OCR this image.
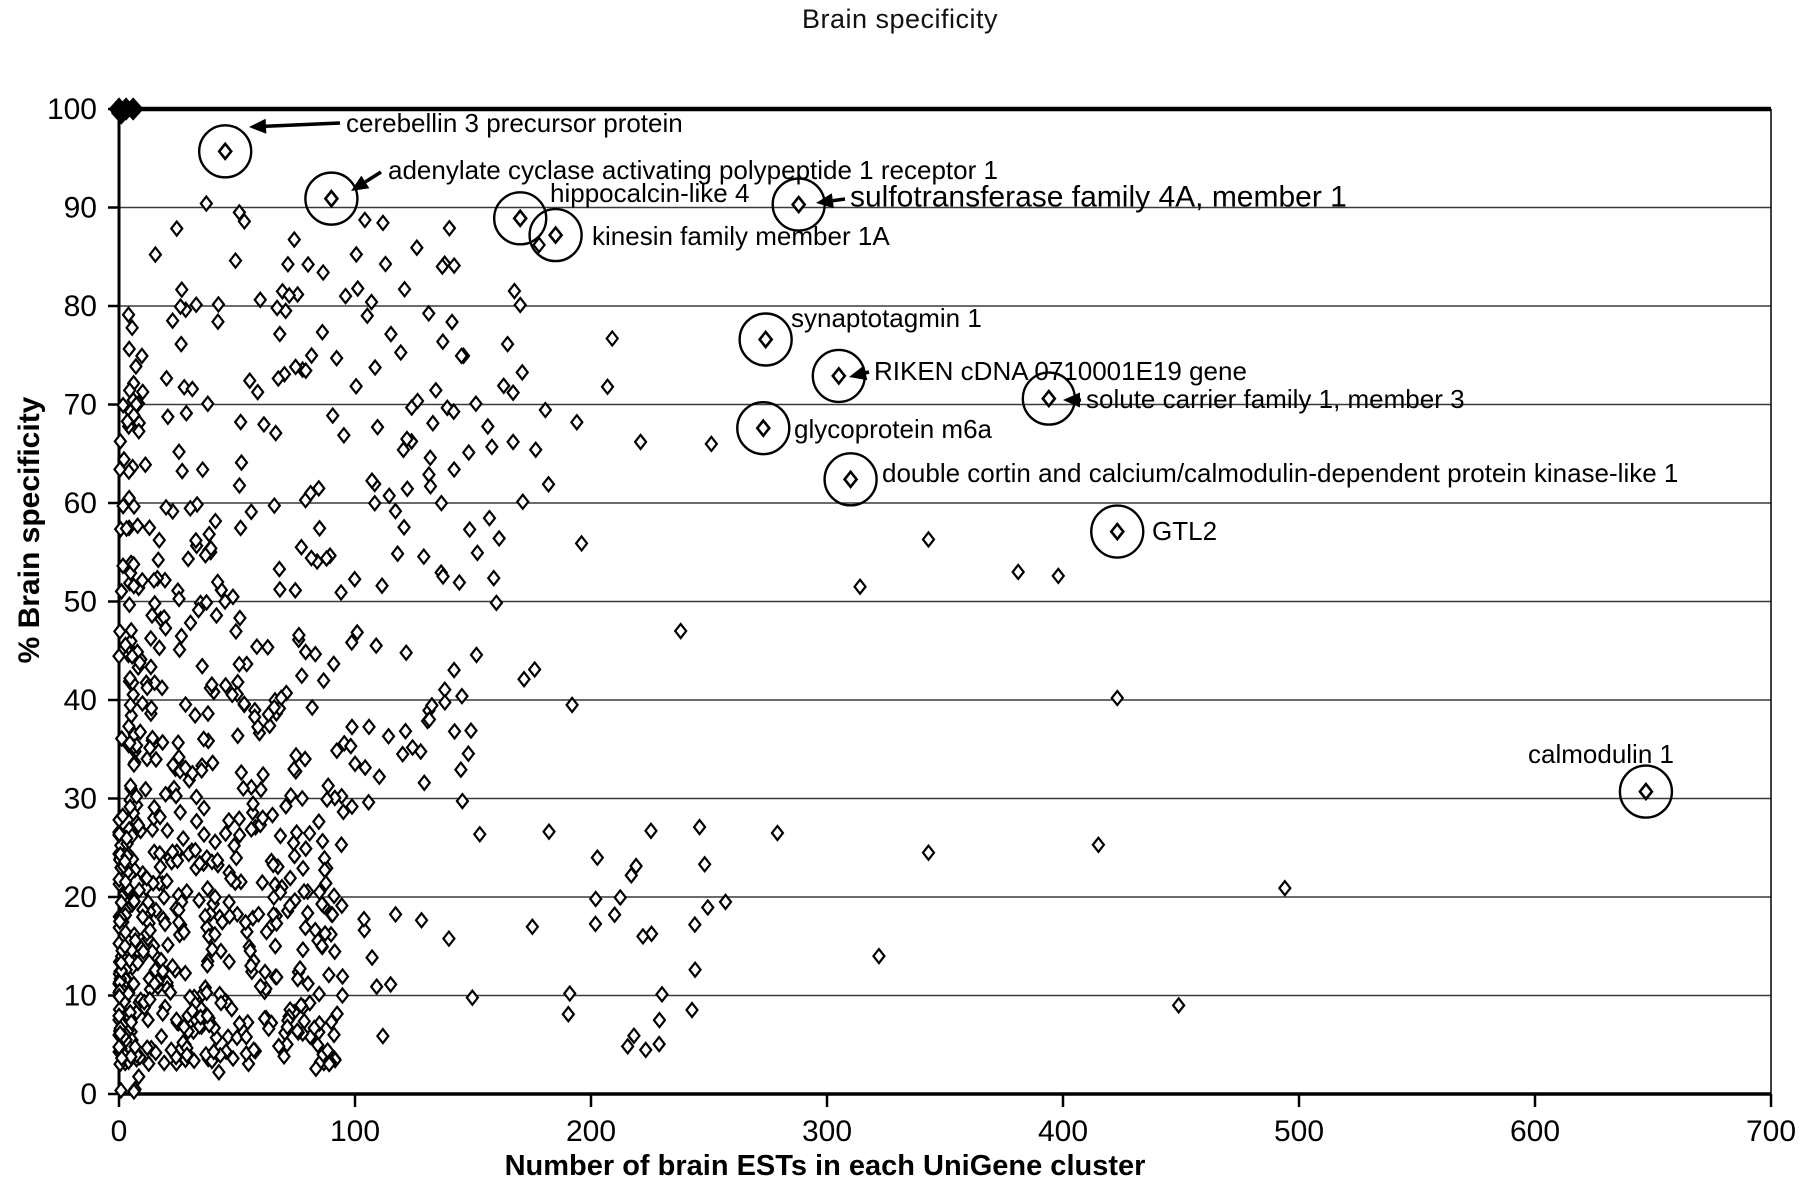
Brain specificity
% Brain specificity
0	100	200	300	400	500	600	700
0
10
20
30
40
50
60
70
80
90
100	cerebellin 3 precursor protein
adenylate cyclase activating polypeptide 1 receptor 1
hippocalcin-like 4	sulfotransferase family 4A, member 1
kinesin family member 1A
synaptotagmin 1
RIKEN cDNA 0710001E19 gene
solute carrier family 1, member 3
glycoprotein m6a
double cortin and calcium/calmodulin-dependent protein kinase-like 1
GTL2
calmodulin 1
Number of brain ESTs in each UniGene cluster
